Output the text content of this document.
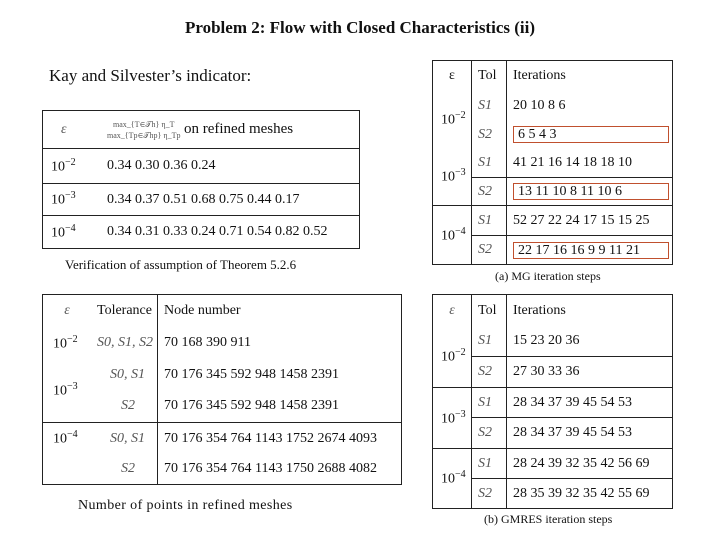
Problem 2: Flow with Closed Characteristics (ii)
Kay and Silvester’s indicator:
ε	max_{T∈𝒯h} η_T
max_{Tp∈𝒯hp} η_Tp on refined meshes
$10^{-2}$	0.34 0.30 0.36 0.24
$10^{-3}$	0.34 0.37 0.51 0.68 0.75 0.44 0.17
$10^{-4}$	0.34 0.31 0.33 0.24 0.71 0.54 0.82 0.52
Verification of assumption of Theorem 5.2.6
ε	Tol	Iterations
$10^{-2}$	S1	20 10 8 6
	S2	6 5 4 3
$10^{-3}$	S1	41 21 16 14 18 18 10
	S2	13 11 10 8 11 10 6
$10^{-4}$	S1	52 27 22 24 17 15 15 25
	S2	22 17 16 16 9 9 11 21
(a) MG iteration steps
ε	Tolerance	Node number
$10^{-2}$	S0, S1, S2	70 168 390 911
$10^{-3}$	S0, S1	70 176 345 592 948 1458 2391
	S2	70 176 345 592 948 1458 2391
$10^{-4}$	S0, S1	70 176 354 764 1143 1752 2674 4093
	S2	70 176 354 764 1143 1750 2688 4082
Number of points in refined meshes
ε	Tol	Iterations
$10^{-2}$	S1	15 23 20 36
	S2	27 30 33 36
$10^{-3}$	S1	28 34 37 39 45 54 53
	S2	28 34 37 39 45 54 53
$10^{-4}$	S1	28 24 39 32 35 42 56 69
	S2	28 35 39 32 35 42 55 69
(b) GMRES iteration steps
